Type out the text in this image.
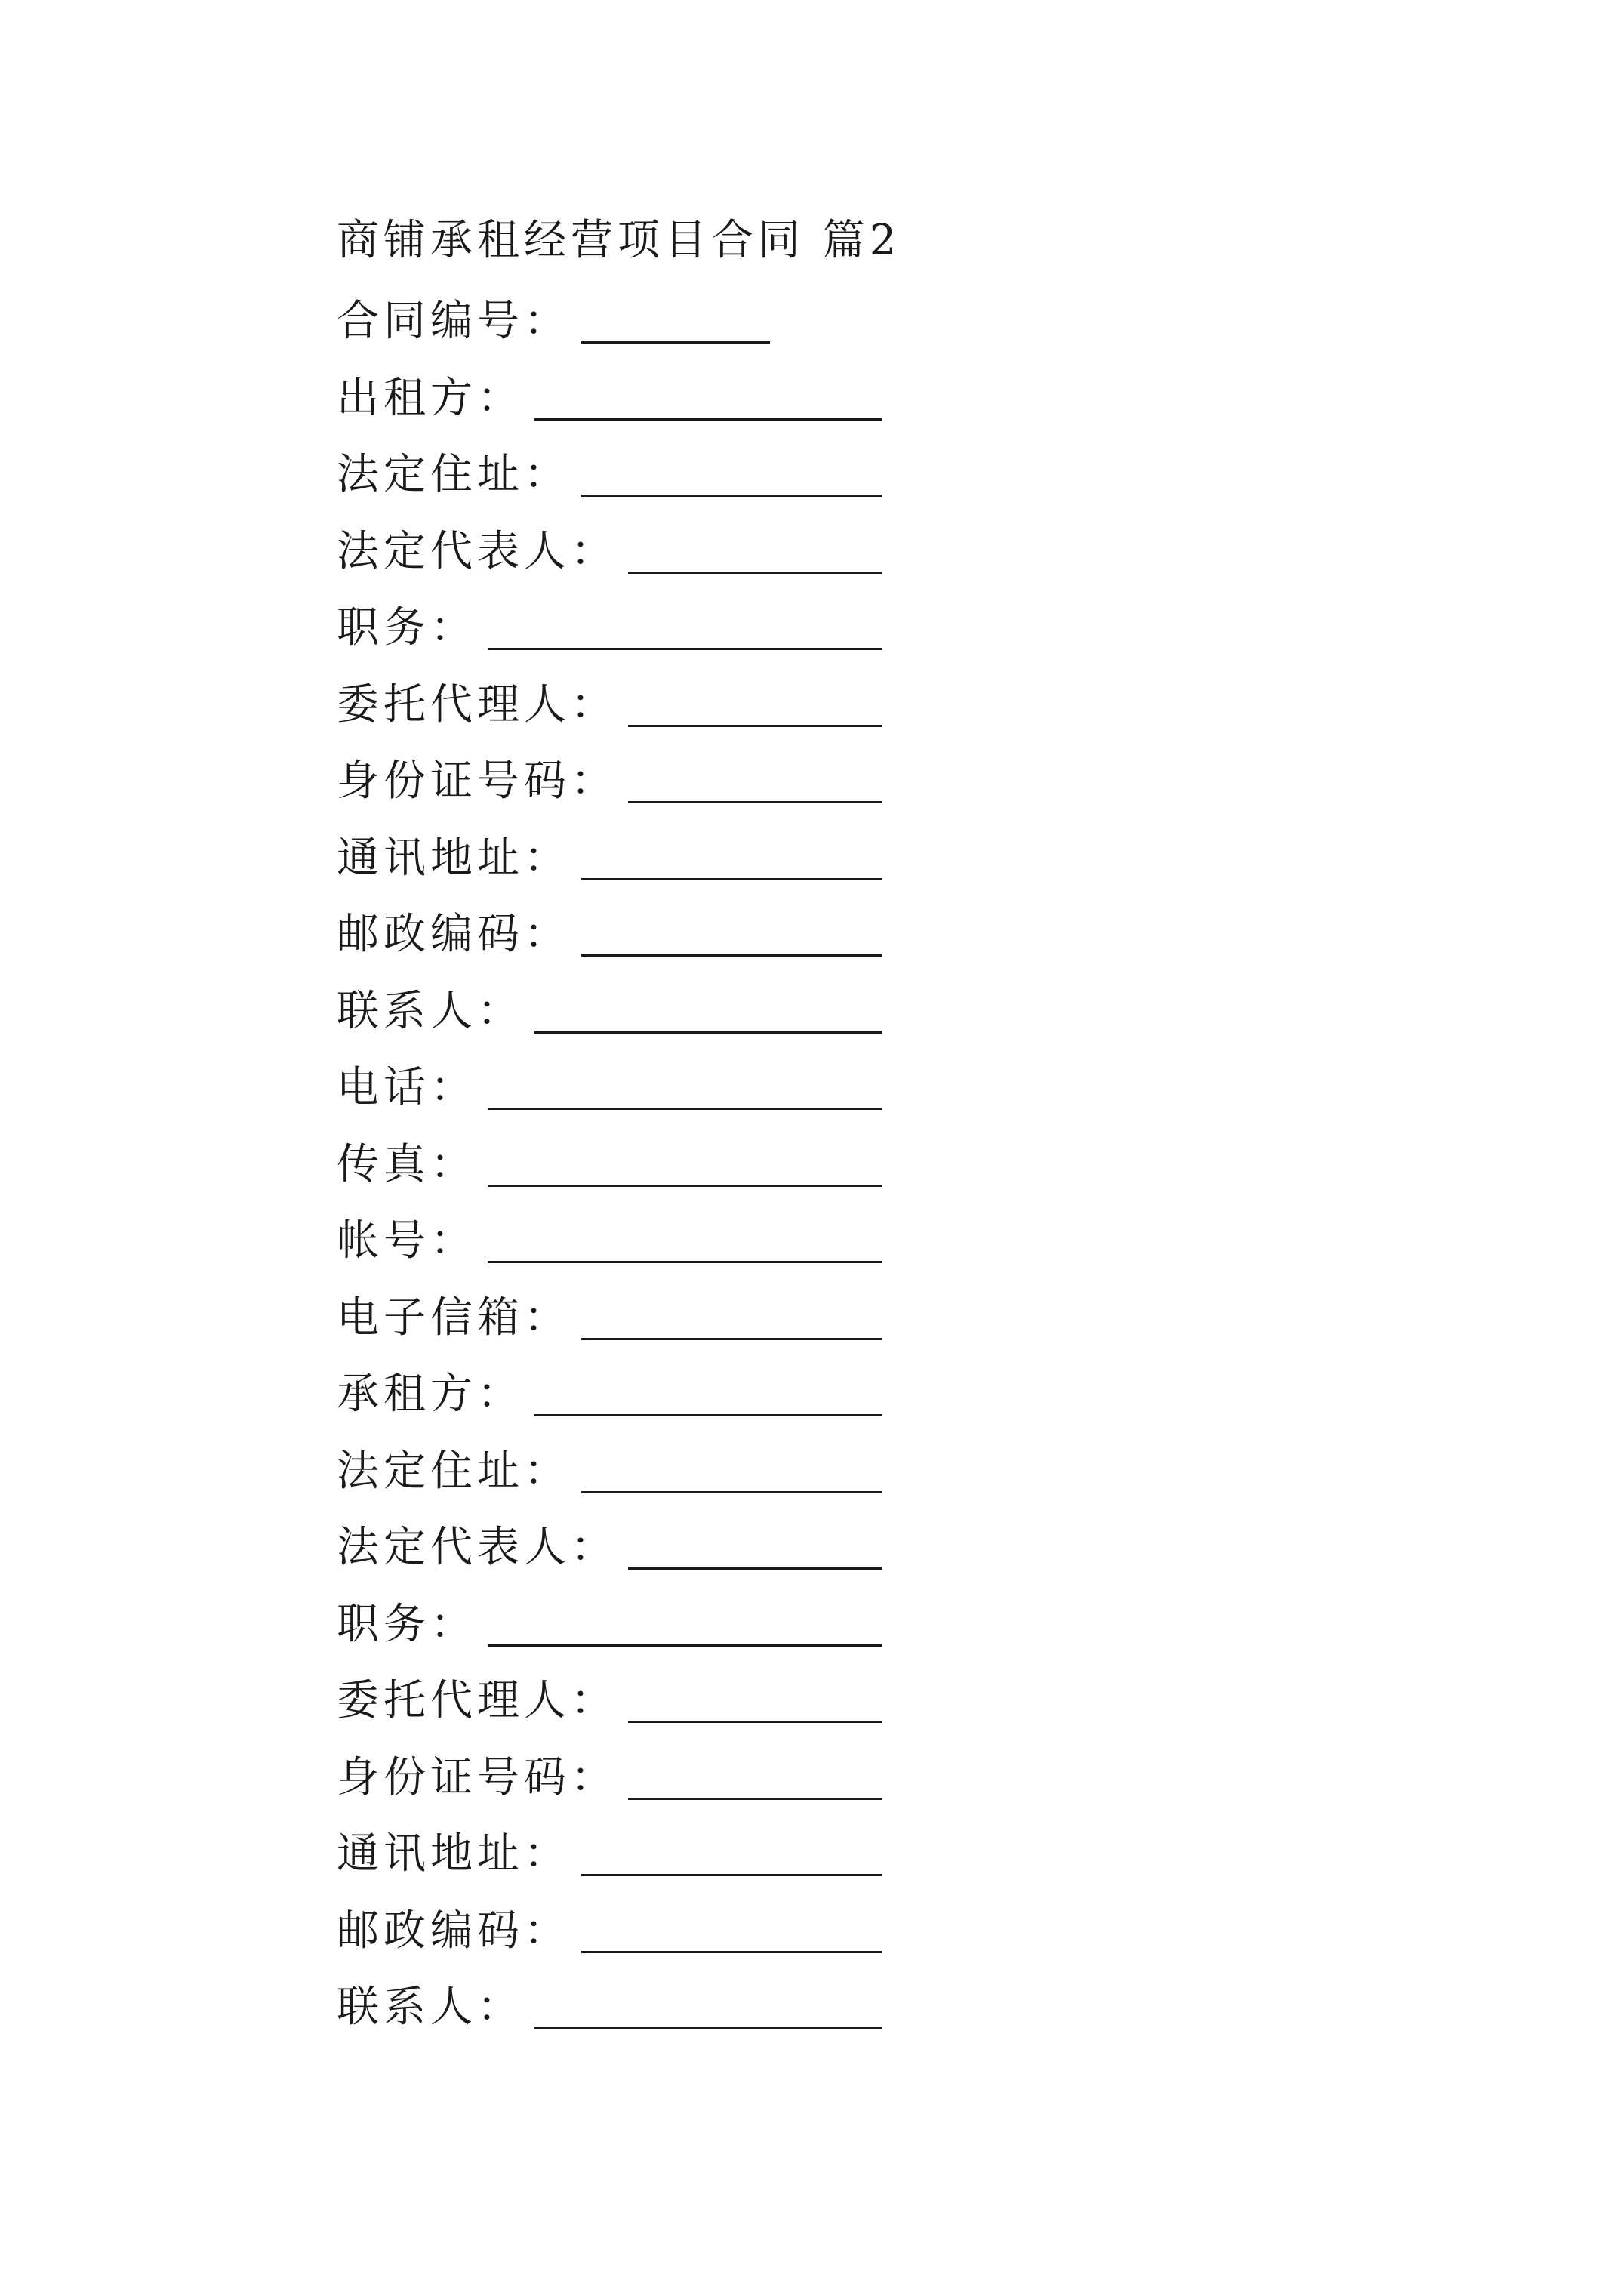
商铺承租经营项目合同 篇2
合同编号：
出租方：
法定住址：
法定代表人：
职务：
委托代理人：
身份证号码：
通讯地址：
邮政编码：
联系人：
电话：
传真：
帐号：
电子信箱：
承租方：
法定住址：
法定代表人：
职务：
委托代理人：
身份证号码：
通讯地址：
邮政编码：
联系人：
